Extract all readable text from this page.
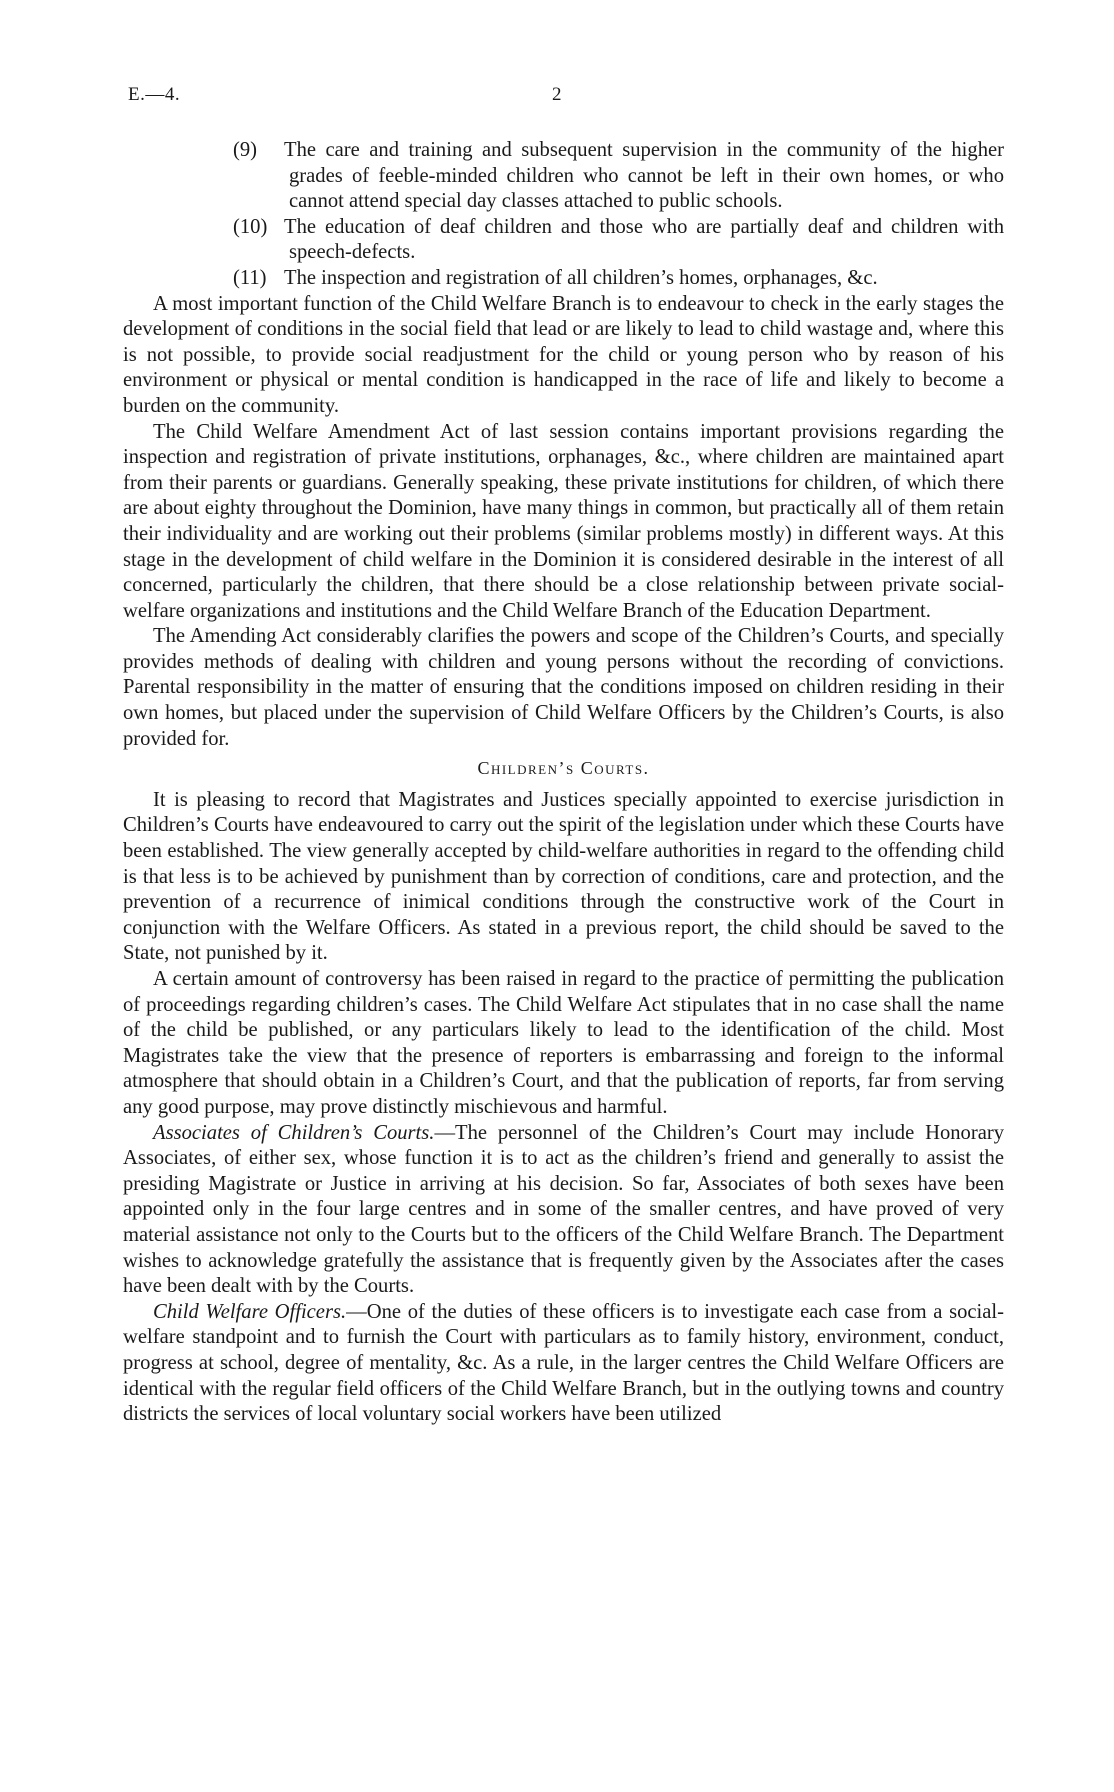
E.—4.	2
(9) The care and training and subsequent supervision in the community of the higher grades of feeble-minded children who cannot be left in their own homes, or who cannot attend special day classes attached to public schools.
(10) The education of deaf children and those who are partially deaf and children with speech-defects.
(11) The inspection and registration of all children’s homes, orphanages, &c.

A most important function of the Child Welfare Branch is to endeavour to check in the early stages the development of conditions in the social field that lead or are likely to lead to child wastage and, where this is not possible, to provide social readjustment for the child or young person who by reason of his environment or physical or mental condition is handicapped in the race of life and likely to become a burden on the community.

The Child Welfare Amendment Act of last session contains important provisions regarding the inspection and registration of private institutions, orphanages, &c., where children are maintained apart from their parents or guardians. Generally speaking, these private institutions for children, of which there are about eighty throughout the Dominion, have many things in common, but practically all of them retain their individuality and are working out their problems (similar problems mostly) in different ways. At this stage in the development of child welfare in the Dominion it is considered desirable in the interest of all concerned, particularly the children, that there should be a close relationship between private social-welfare organizations and institutions and the Child Welfare Branch of the Education Department.

The Amending Act considerably clarifies the powers and scope of the Children’s Courts, and specially provides methods of dealing with children and young persons without the recording of convictions. Parental responsibility in the matter of ensuring that the conditions imposed on children residing in their own homes, but placed under the supervision of Child Welfare Officers by the Children’s Courts, is also provided for.

Children’s Courts.

It is pleasing to record that Magistrates and Justices specially appointed to exercise jurisdiction in Children’s Courts have endeavoured to carry out the spirit of the legislation under which these Courts have been established. The view generally accepted by child-welfare authorities in regard to the offending child is that less is to be achieved by punishment than by correction of conditions, care and protection, and the prevention of a recurrence of inimical conditions through the constructive work of the Court in conjunction with the Welfare Officers. As stated in a previous report, the child should be saved to the State, not punished by it.

A certain amount of controversy has been raised in regard to the practice of permitting the publication of proceedings regarding children’s cases. The Child Welfare Act stipulates that in no case shall the name of the child be published, or any particulars likely to lead to the identification of the child. Most Magistrates take the view that the presence of reporters is embarrassing and foreign to the informal atmosphere that should obtain in a Children’s Court, and that the publication of reports, far from serving any good purpose, may prove distinctly mischievous and harmful.

Associates of Children’s Courts.—The personnel of the Children’s Court may include Honorary Associates, of either sex, whose function it is to act as the children’s friend and generally to assist the presiding Magistrate or Justice in arriving at his decision. So far, Associates of both sexes have been appointed only in the four large centres and in some of the smaller centres, and have proved of very material assistance not only to the Courts but to the officers of the Child Welfare Branch. The Department wishes to acknowledge gratefully the assistance that is frequently given by the Associates after the cases have been dealt with by the Courts.

Child Welfare Officers.—One of the duties of these officers is to investigate each case from a social-welfare standpoint and to furnish the Court with particulars as to family history, environment, conduct, progress at school, degree of mentality, &c. As a rule, in the larger centres the Child Welfare Officers are identical with the regular field officers of the Child Welfare Branch, but in the outlying towns and country districts the services of local voluntary social workers have been utilized
